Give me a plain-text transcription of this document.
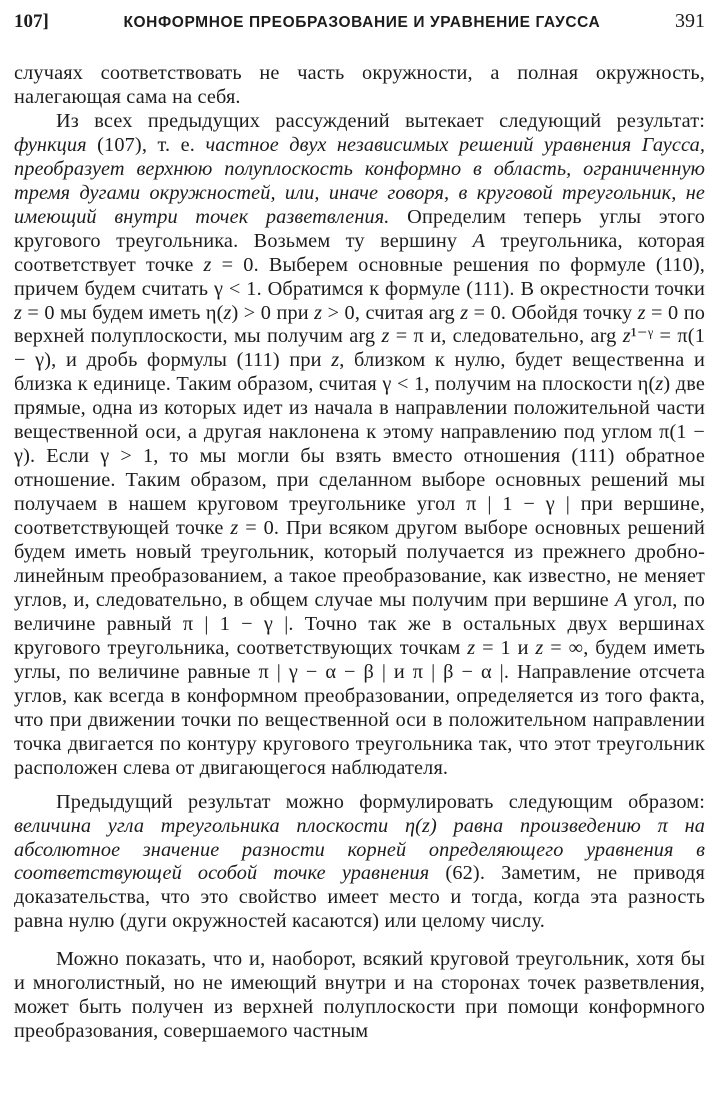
107]	КОНФОРМНОЕ ПРЕОБРАЗОВАНИЕ И УРАВНЕНИЕ ГАУССА	391

случаях соответствовать не часть окружности, а полная окружность, налегающая сама на себя.

Из всех предыдущих рассуждений вытекает следующий результат: функция (107), т. е. частное двух независимых решений уравнения Гаусса, преобразует верхнюю полуплоскость конформно в область, ограниченную тремя дугами окружностей, или, иначе говоря, в круговой треугольник, не имеющий внутри точек разветвления. Определим теперь углы этого кругового треугольника. Возьмем ту вершину A треугольника, которая соответствует точке z = 0. Выберем основные решения по формуле (110), причем будем считать γ < 1. Обратимся к формуле (111). В окрестности точки z = 0 мы будем иметь η(z) > 0 при z > 0, считая arg z = 0. Обойдя точку z = 0 по верхней полуплоскости, мы получим arg z = π и, следовательно, arg z¹⁻ᵞ = π(1 − γ), и дробь формулы (111) при z, близком к нулю, будет вещественна и близка к единице. Таким образом, считая γ < 1, получим на плоскости η(z) две прямые, одна из которых идет из начала в направлении положительной части вещественной оси, а другая наклонена к этому направлению под углом π(1 − γ). Если γ > 1, то мы могли бы взять вместо отношения (111) обратное отношение. Таким образом, при сделанном выборе основных решений мы получаем в нашем круговом треугольнике угол π | 1 − γ | при вершине, соответствующей точке z = 0. При всяком другом выборе основных решений будем иметь новый треугольник, который получается из прежнего дробно-линейным преобразованием, а такое преобразование, как известно, не меняет углов, и, следовательно, в общем случае мы получим при вершине A угол, по величине равный π | 1 − γ |. Точно так же в остальных двух вершинах кругового треугольника, соответствующих точкам z = 1 и z = ∞, будем иметь углы, по величине равные π | γ − α − β | и π | β − α |. Направление отсчета углов, как всегда в конформном преобразовании, определяется из того факта, что при движении точки по вещественной оси в положительном направлении точка двигается по контуру кругового треугольника так, что этот треугольник расположен слева от двигающегося наблюдателя.

Предыдущий результат можно формулировать следующим образом: величина угла треугольника плоскости η(z) равна произведению π на абсолютное значение разности корней определяющего уравнения в соответствующей особой точке уравнения (62). Заметим, не приводя доказательства, что это свойство имеет место и тогда, когда эта разность равна нулю (дуги окружностей касаются) или целому числу.

Можно показать, что и, наоборот, всякий круговой треугольник, хотя бы и многолистный, но не имеющий внутри и на сторонах точек разветвления, может быть получен из верхней полуплоскости при помощи конформного преобразования, совершаемого частным
